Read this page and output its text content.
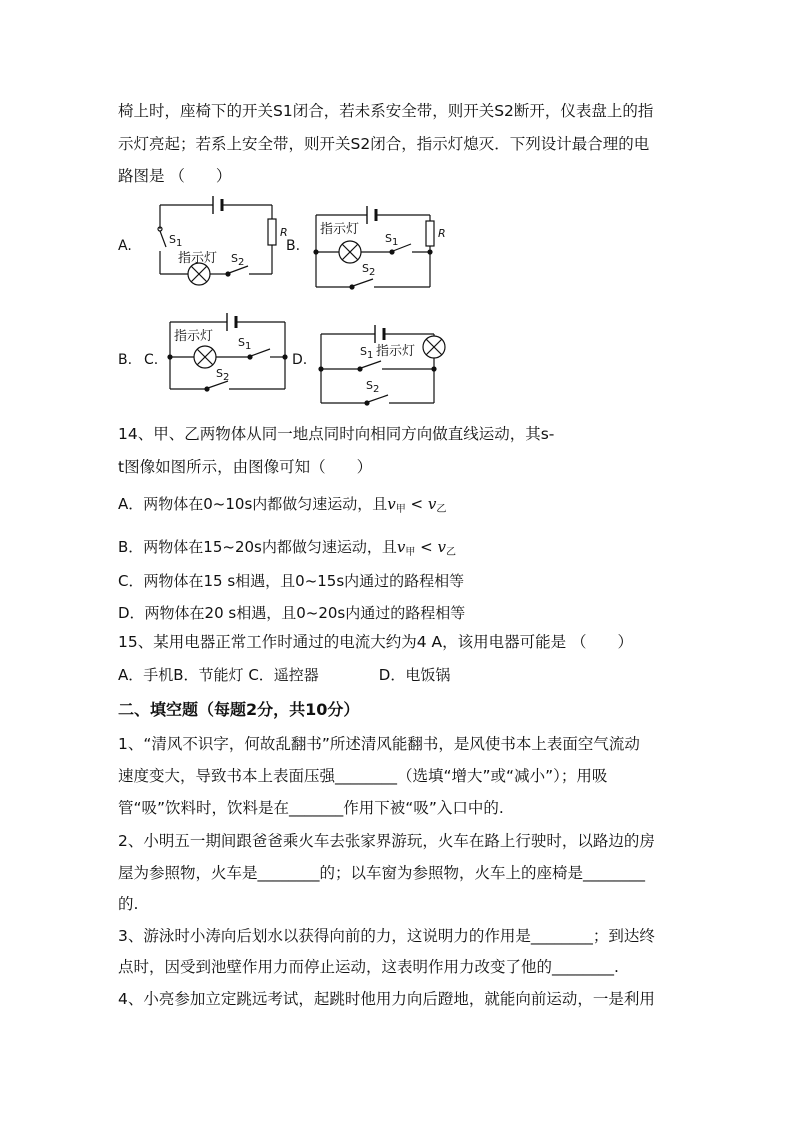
椅上时，座椅下的开关S1闭合，若未系安全带，则开关S2断开，仪表盘上的指
示灯亮起；若系上安全带，则开关S2闭合，指示灯熄灭．下列设计最合理的电
路图是 （　　）
A.	B.
B. C.	D.
指示灯
指示灯
指示灯
指示灯
S1
S2
R	S1
S2
R
S1
S2
S1
S2
14、甲、乙两物体从同一地点同时向相同方向做直线运动，其s-
t图像如图所示，由图像可知（　　）
A．两物体在0~10s内都做匀速运动，且$v_甲 < v_乙$
B．两物体在15~20s内都做匀速运动，且$v_甲 < v_乙$
C．两物体在15 s相遇，且0~15s内通过的路程相等
D．两物体在20 s相遇，且0~20s内通过的路程相等
15、某用电器正常工作时通过的电流大约为4 A，该用电器可能是 （　　）
A．手机B．节能灯 C．遥控器　　　　D．电饭锅
二、填空题（每题2分，共10分）
1、“清风不识字，何故乱翻书”所述清风能翻书，是风使书本上表面空气流动
速度变大，导致书本上表面压强________（选填“增大”或“减小”）；用吸
管“吸”饮料时，饮料是在_______作用下被“吸”入口中的.
2、小明五一期间跟爸爸乘火车去张家界游玩，火车在路上行驶时，以路边的房
屋为参照物，火车是________的；以车窗为参照物，火车上的座椅是________
的.
3、游泳时小涛向后划水以获得向前的力，这说明力的作用是________；到达终
点时，因受到池壁作用力而停止运动，这表明作用力改变了他的________.
4、小亮参加立定跳远考试，起跳时他用力向后蹬地，就能向前运动，一是利用
